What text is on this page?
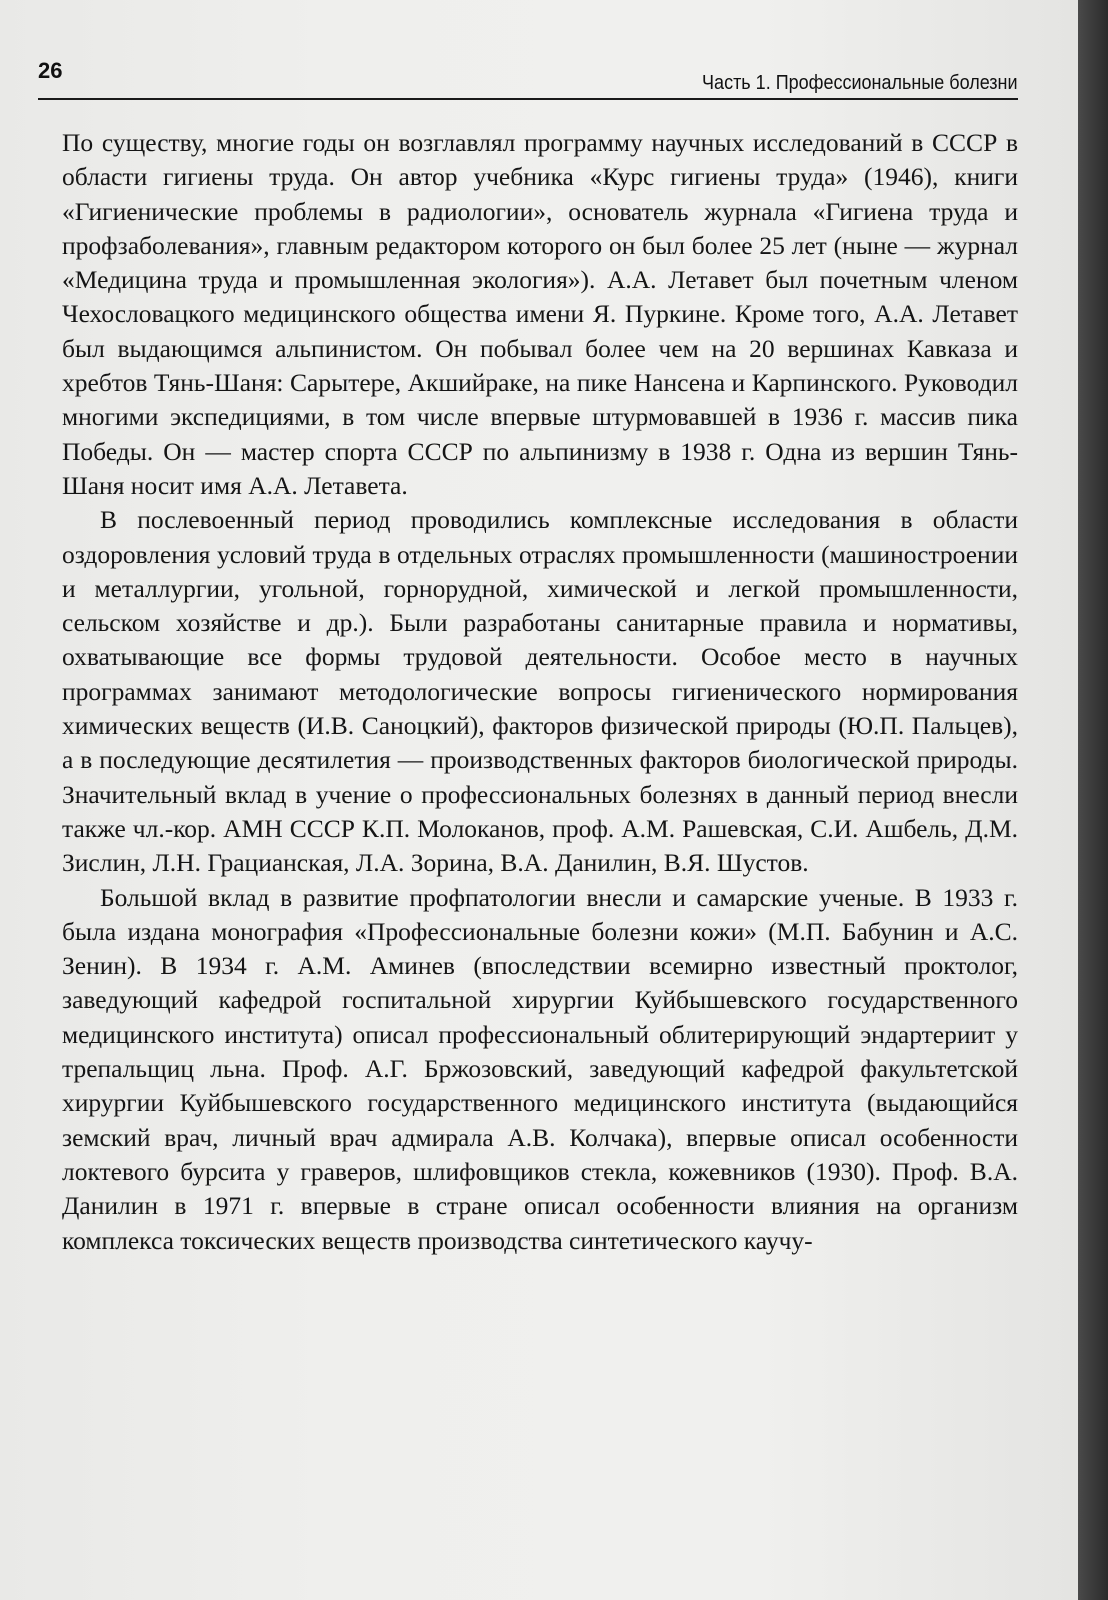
26	Часть 1. Профессиональные болезни

По существу, многие годы он возглавлял программу научных исследований в СССР в области гигиены труда. Он автор учебника «Курс гигиены труда» (1946), книги «Гигиенические проблемы в радиологии», основатель журнала «Гигиена труда и профзаболевания», главным редактором которого он был более 25 лет (ныне — журнал «Медицина труда и промышленная экология»). А.А. Летавет был почетным членом Чехословацкого медицинского общества имени Я. Пуркине. Кроме того, А.А. Летавет был выдающимся альпинистом. Он побывал более чем на 20 вершинах Кавказа и хребтов Тянь-Шаня: Сарытере, Акшийраке, на пике Нансена и Карпинского. Руководил многими экспедициями, в том числе впервые штурмовавшей в 1936 г. массив пика Победы. Он — мастер спорта СССР по альпинизму в 1938 г. Одна из вершин Тянь-Шаня носит имя А.А. Летавета.

В послевоенный период проводились комплексные исследования в области оздоровления условий труда в отдельных отраслях промышленности (машиностроении и металлургии, угольной, горнорудной, химической и легкой промышленности, сельском хозяйстве и др.). Были разработаны санитарные правила и нормативы, охватывающие все формы трудовой деятельности. Особое место в научных программах занимают методологические вопросы гигиенического нормирования химических веществ (И.В. Саноцкий), факторов физической природы (Ю.П. Пальцев), а в последующие десятилетия — производственных факторов биологической природы. Значительный вклад в учение о профессиональных болезнях в данный период внесли также чл.-кор. АМН СССР К.П. Молоканов, проф. А.М. Рашевская, С.И. Ашбель, Д.М. Зислин, Л.Н. Грацианская, Л.А. Зорина, В.А. Данилин, В.Я. Шустов.

Большой вклад в развитие профпатологии внесли и самарские ученые. В 1933 г. была издана монография «Профессиональные болезни кожи» (М.П. Бабунин и А.С. Зенин). В 1934 г. А.М. Аминев (впоследствии всемирно известный проктолог, заведующий кафедрой госпитальной хирургии Куйбышевского государственного медицинского института) описал профессиональный облитерирующий эндартериит у трепальщиц льна. Проф. А.Г. Бржозовский, заведующий кафедрой факультетской хирургии Куйбышевского государственного медицинского института (выдающийся земский врач, личный врач адмирала А.В. Колчака), впервые описал особенности локтевого бурсита у граверов, шлифовщиков стекла, кожевников (1930). Проф. В.А. Данилин в 1971 г. впервые в стране описал особенности влияния на организм комплекса токсических веществ производства синтетического каучу-
